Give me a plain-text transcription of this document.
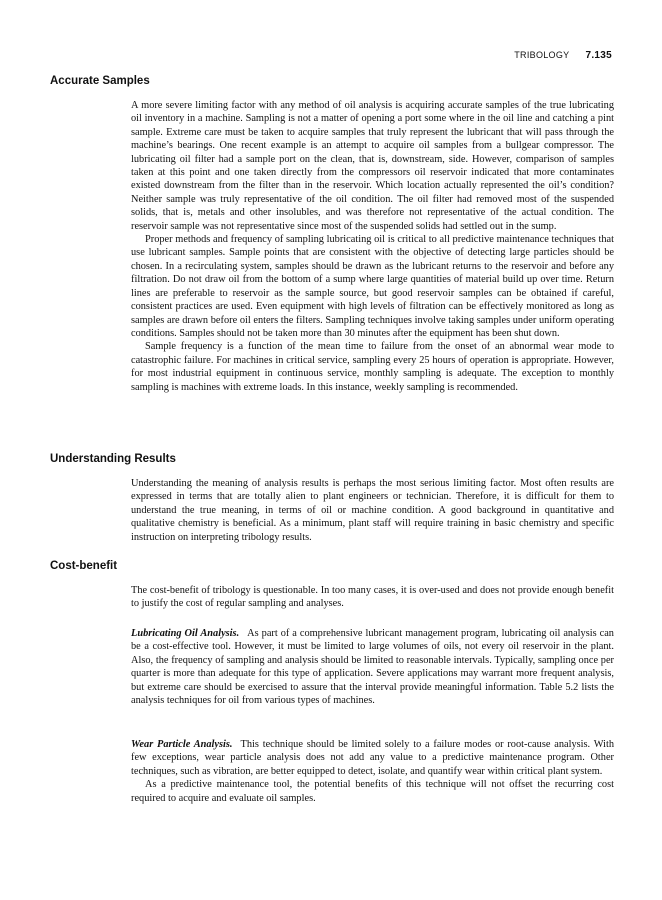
TRIBOLOGY 7.135
Accurate Samples

A more severe limiting factor with any method of oil analysis is acquiring accurate samples of the true lubricating oil inventory in a machine. Sampling is not a matter of opening a port some where in the oil line and catching a pint sample. Extreme care must be taken to acquire samples that truly represent the lubricant that will pass through the machine’s bearings. One recent example is an attempt to acquire oil samples from a bullgear compressor. The lubricating oil filter had a sample port on the clean, that is, downstream, side. However, comparison of samples taken at this point and one taken directly from the compressors oil reservoir indicated that more contaminates existed downstream from the filter than in the reservoir. Which location actually represented the oil’s condition? Neither sample was truly representative of the oil condition. The oil filter had removed most of the suspended solids, that is, metals and other insolubles, and was therefore not representative of the actual condition. The reservoir sample was not representative since most of the suspended solids had settled out in the sump.

Proper methods and frequency of sampling lubricating oil is critical to all predictive maintenance techniques that use lubricant samples. Sample points that are consistent with the objective of detecting large particles should be chosen. In a recirculating system, samples should be drawn as the lubricant returns to the reservoir and before any filtration. Do not draw oil from the bottom of a sump where large quantities of material build up over time. Return lines are preferable to reservoir as the sample source, but good reservoir samples can be obtained if careful, consistent practices are used. Even equipment with high levels of filtration can be effectively monitored as long as samples are drawn before oil enters the filters. Sampling techniques involve taking samples under uniform operating conditions. Samples should not be taken more than 30 minutes after the equipment has been shut down.

Sample frequency is a function of the mean time to failure from the onset of an abnormal wear mode to catastrophic failure. For machines in critical service, sampling every 25 hours of operation is appropriate. However, for most industrial equipment in continuous service, monthly sampling is adequate. The exception to monthly sampling is machines with extreme loads. In this instance, weekly sampling is recommended.

Understanding Results

Understanding the meaning of analysis results is perhaps the most serious limiting factor. Most often results are expressed in terms that are totally alien to plant engineers or technician. Therefore, it is difficult for them to understand the true meaning, in terms of oil or machine condition. A good background in quantitative and qualitative chemistry is beneficial. As a minimum, plant staff will require training in basic chemistry and specific instruction on interpreting tribology results.

Cost-benefit

The cost-benefit of tribology is questionable. In too many cases, it is over-used and does not provide enough benefit to justify the cost of regular sampling and analyses.

Lubricating Oil Analysis. As part of a comprehensive lubricant management program, lubricating oil analysis can be a cost-effective tool. However, it must be limited to large volumes of oils, not every oil reservoir in the plant. Also, the frequency of sampling and analysis should be limited to reasonable intervals. Typically, sampling once per quarter is more than adequate for this type of application. Severe applications may warrant more frequent analysis, but extreme care should be exercised to assure that the interval provide meaningful information. Table 5.2 lists the analysis techniques for oil from various types of machines.

Wear Particle Analysis. This technique should be limited solely to a failure modes or root-cause analysis. With few exceptions, wear particle analysis does not add any value to a predictive maintenance program. Other techniques, such as vibration, are better equipped to detect, isolate, and quantify wear within critical plant system.

As a predictive maintenance tool, the potential benefits of this technique will not offset the recurring cost required to acquire and evaluate oil samples.
